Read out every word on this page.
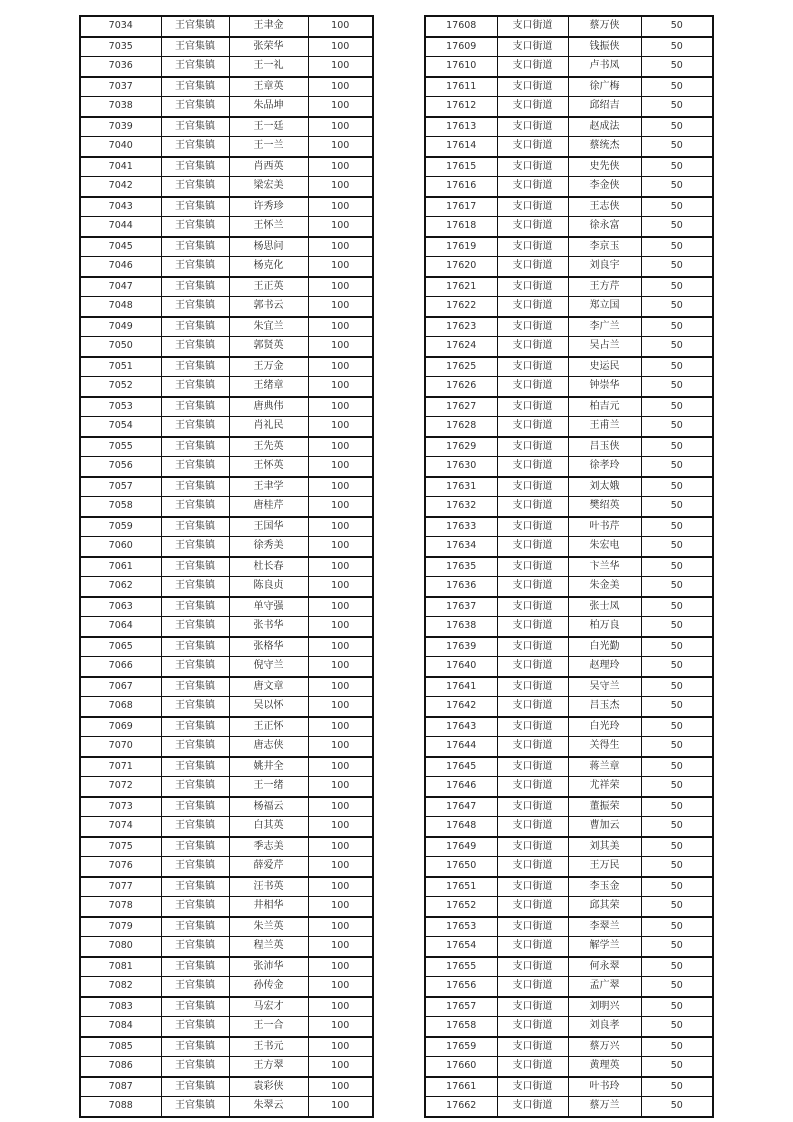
7034	王官集镇	王聿金	100
7035	王官集镇	张荣华	100
7036	王官集镇	王一礼	100
7037	王官集镇	王章英	100
7038	王官集镇	朱品坤	100
7039	王官集镇	王一廷	100
7040	王官集镇	王一兰	100
7041	王官集镇	肖西英	100
7042	王官集镇	梁宏美	100
7043	王官集镇	许秀珍	100
7044	王官集镇	王怀兰	100
7045	王官集镇	杨思问	100
7046	王官集镇	杨克化	100
7047	王官集镇	王正英	100
7048	王官集镇	郭书云	100
7049	王官集镇	朱宜兰	100
7050	王官集镇	郭贤英	100
7051	王官集镇	王万金	100
7052	王官集镇	王绪章	100
7053	王官集镇	唐典伟	100
7054	王官集镇	肖礼民	100
7055	王官集镇	王先英	100
7056	王官集镇	王怀英	100
7057	王官集镇	王聿学	100
7058	王官集镇	唐桂芹	100
7059	王官集镇	王国华	100
7060	王官集镇	徐秀美	100
7061	王官集镇	杜长春	100
7062	王官集镇	陈良贞	100
7063	王官集镇	单守强	100
7064	王官集镇	张书华	100
7065	王官集镇	张格华	100
7066	王官集镇	倪守兰	100
7067	王官集镇	唐文章	100
7068	王官集镇	吴以怀	100
7069	王官集镇	王正怀	100
7070	王官集镇	唐志侠	100
7071	王官集镇	姚井全	100
7072	王官集镇	王一绪	100
7073	王官集镇	杨福云	100
7074	王官集镇	白其英	100
7075	王官集镇	季志美	100
7076	王官集镇	薛爱芹	100
7077	王官集镇	汪书英	100
7078	王官集镇	井相华	100
7079	王官集镇	朱兰英	100
7080	王官集镇	程兰英	100
7081	王官集镇	张沛华	100
7082	王官集镇	孙传金	100
7083	王官集镇	马宏才	100
7084	王官集镇	王一合	100
7085	王官集镇	王书元	100
7086	王官集镇	王方翠	100
7087	王官集镇	袁彩侠	100
7088	王官集镇	朱翠云	100
17608	支口街道	蔡万侠	50
17609	支口街道	钱振侠	50
17610	支口街道	卢书凤	50
17611	支口街道	徐广梅	50
17612	支口街道	邱绍吉	50
17613	支口街道	赵成法	50
17614	支口街道	蔡统杰	50
17615	支口街道	史先侠	50
17616	支口街道	李金侠	50
17617	支口街道	王志侠	50
17618	支口街道	徐永富	50
17619	支口街道	李京玉	50
17620	支口街道	刘良宇	50
17621	支口街道	王方芹	50
17622	支口街道	郑立国	50
17623	支口街道	李广兰	50
17624	支口街道	吴占兰	50
17625	支口街道	史运民	50
17626	支口街道	钟崇华	50
17627	支口街道	柏吉元	50
17628	支口街道	王甫兰	50
17629	支口街道	吕玉侠	50
17630	支口街道	徐孝玲	50
17631	支口街道	刘太娥	50
17632	支口街道	樊绍英	50
17633	支口街道	叶书芹	50
17634	支口街道	朱宏电	50
17635	支口街道	卞兰华	50
17636	支口街道	朱金美	50
17637	支口街道	张士凤	50
17638	支口街道	柏万良	50
17639	支口街道	白光勤	50
17640	支口街道	赵理玲	50
17641	支口街道	吴守兰	50
17642	支口街道	吕玉杰	50
17643	支口街道	白光玲	50
17644	支口街道	关得生	50
17645	支口街道	蒋兰章	50
17646	支口街道	尤祥荣	50
17647	支口街道	董振荣	50
17648	支口街道	曹加云	50
17649	支口街道	刘其美	50
17650	支口街道	王万民	50
17651	支口街道	李玉金	50
17652	支口街道	邱其荣	50
17653	支口街道	李翠兰	50
17654	支口街道	解学兰	50
17655	支口街道	何永翠	50
17656	支口街道	孟广翠	50
17657	支口街道	刘明兴	50
17658	支口街道	刘良孝	50
17659	支口街道	蔡万兴	50
17660	支口街道	黄理英	50
17661	支口街道	叶书玲	50
17662	支口街道	蔡万兰	50
